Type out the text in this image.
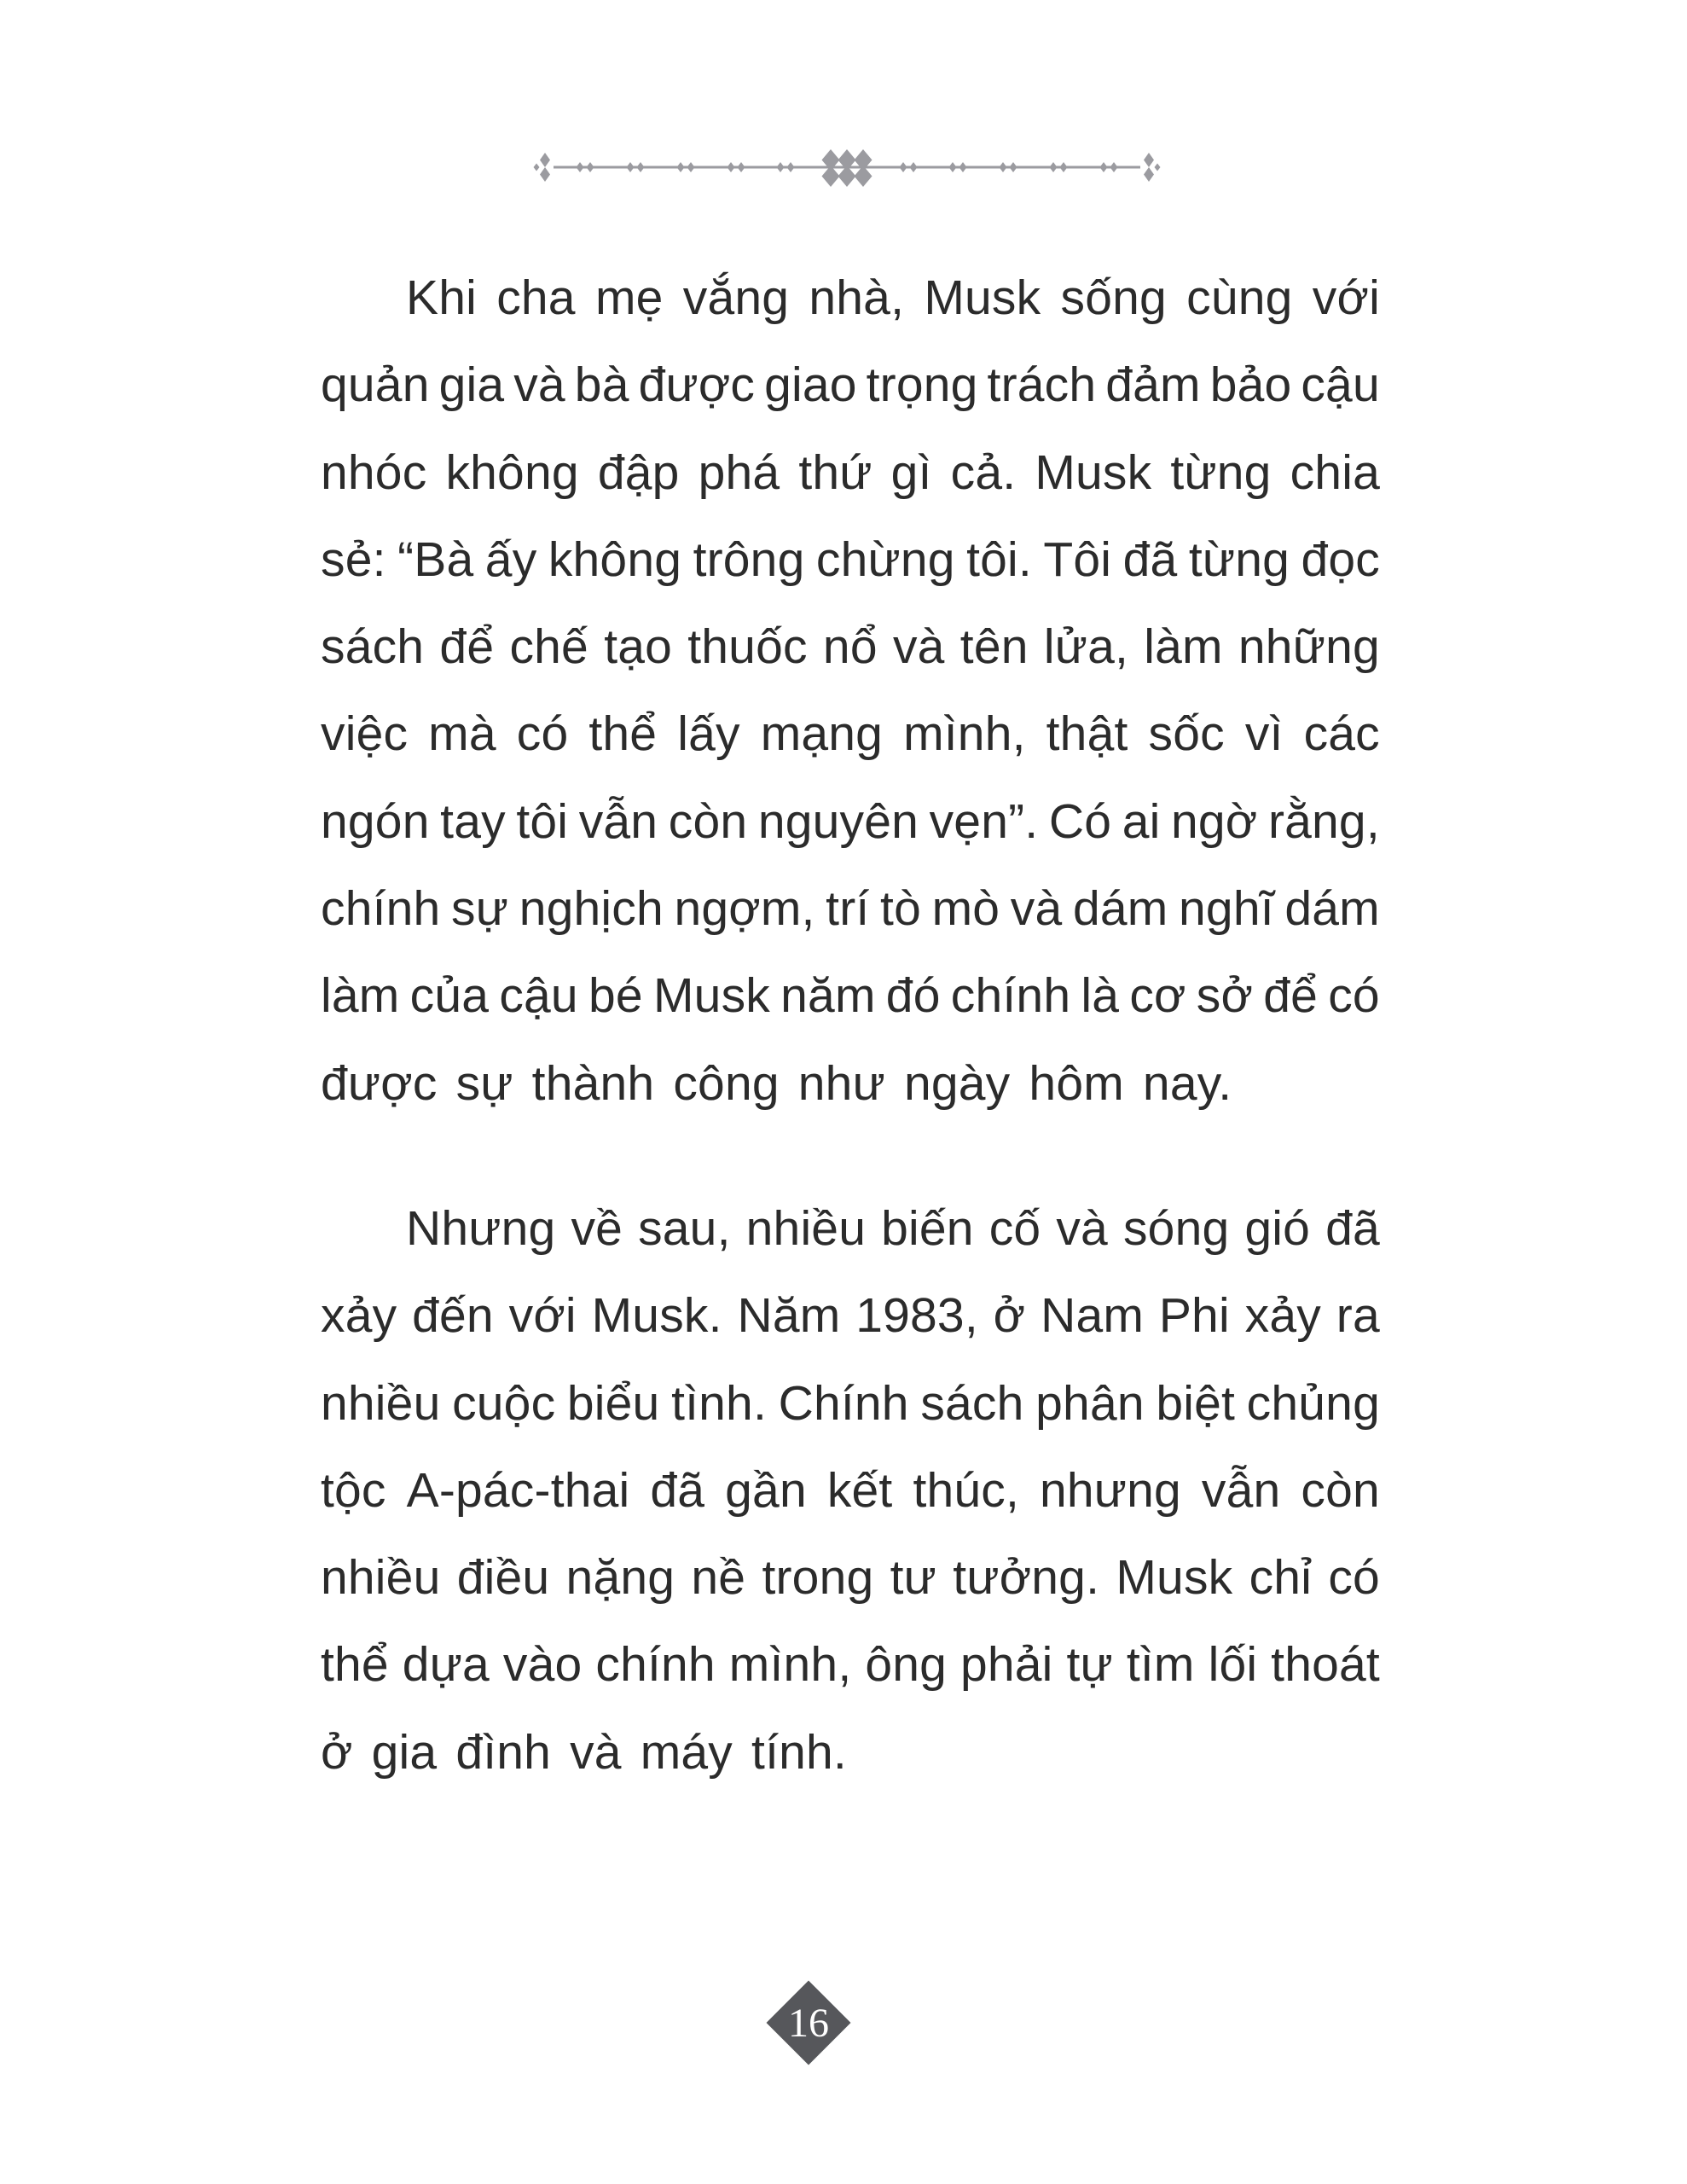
Khi cha mẹ vắng nhà, Musk sống cùng với
quản gia và bà được giao trọng trách đảm bảo cậu
nhóc không đập phá thứ gì cả. Musk từng chia
sẻ: “Bà ấy không trông chừng tôi. Tôi đã từng đọc
sách để chế tạo thuốc nổ và tên lửa, làm những
việc mà có thể lấy mạng mình, thật sốc vì các
ngón tay tôi vẫn còn nguyên vẹn”. Có ai ngờ rằng,
chính sự nghịch ngợm, trí tò mò và dám nghĩ dám
làm của cậu bé Musk năm đó chính là cơ sở để có
được sự thành công như ngày hôm nay.
Nhưng về sau, nhiều biến cố và sóng gió đã
xảy đến với Musk. Năm 1983, ở Nam Phi xảy ra
nhiều cuộc biểu tình. Chính sách phân biệt chủng
tộc A-pác-thai đã gần kết thúc, nhưng vẫn còn
nhiều điều nặng nề trong tư tưởng. Musk chỉ có
thể dựa vào chính mình, ông phải tự tìm lối thoát
ở gia đình và máy tính.
16
